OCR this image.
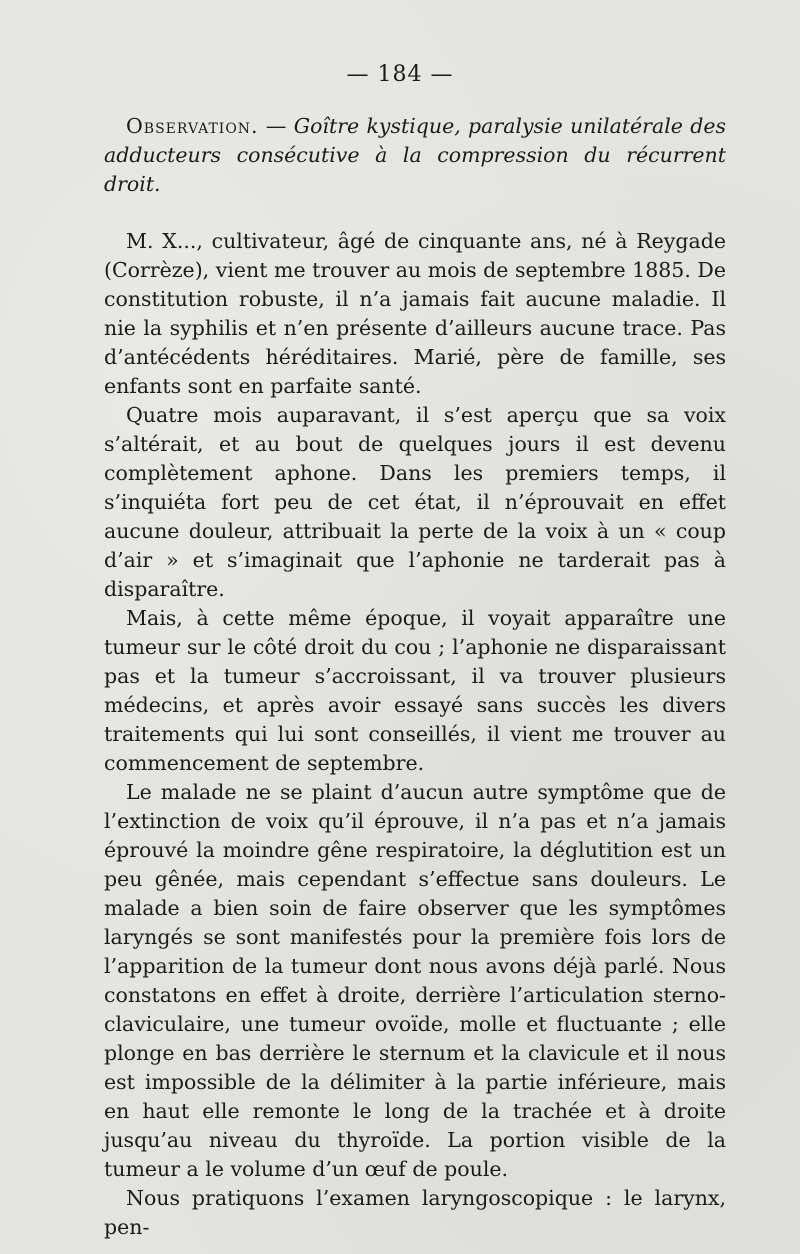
— 184 —

Observation. — Goître kystique, paralysie unilatérale des adducteurs consécutive à la compression du récurrent droit.

M. X..., cultivateur, âgé de cinquante ans, né à Reygade (Corrèze), vient me trouver au mois de septembre 1885. De constitution robuste, il n’a jamais fait aucune maladie. Il nie la syphilis et n’en présente d’ailleurs aucune trace. Pas d’antécédents héréditaires. Marié, père de famille, ses enfants sont en parfaite santé.

Quatre mois auparavant, il s’est aperçu que sa voix s’altérait, et au bout de quelques jours il est devenu complètement aphone. Dans les premiers temps, il s’inquiéta fort peu de cet état, il n’éprouvait en effet aucune douleur, attribuait la perte de la voix à un « coup d’air » et s’imaginait que l’aphonie ne tarderait pas à disparaître.

Mais, à cette même époque, il voyait apparaître une tumeur sur le côté droit du cou ; l’aphonie ne disparaissant pas et la tumeur s’accroissant, il va trouver plusieurs médecins, et après avoir essayé sans succès les divers traitements qui lui sont conseillés, il vient me trouver au commencement de septembre.

Le malade ne se plaint d’aucun autre symptôme que de l’extinction de voix qu’il éprouve, il n’a pas et n’a jamais éprouvé la moindre gêne respiratoire, la déglutition est un peu gênée, mais cependant s’effectue sans douleurs. Le malade a bien soin de faire observer que les symptômes laryngés se sont manifestés pour la première fois lors de l’apparition de la tumeur dont nous avons déjà parlé. Nous constatons en effet à droite, derrière l’articulation sterno-claviculaire, une tumeur ovoïde, molle et fluctuante ; elle plonge en bas derrière le sternum et la clavicule et il nous est impossible de la délimiter à la partie inférieure, mais en haut elle remonte le long de la trachée et à droite jusqu’au niveau du thyroïde. La portion visible de la tumeur a le volume d’un œuf de poule.

Nous pratiquons l’examen laryngoscopique : le larynx, pen-
